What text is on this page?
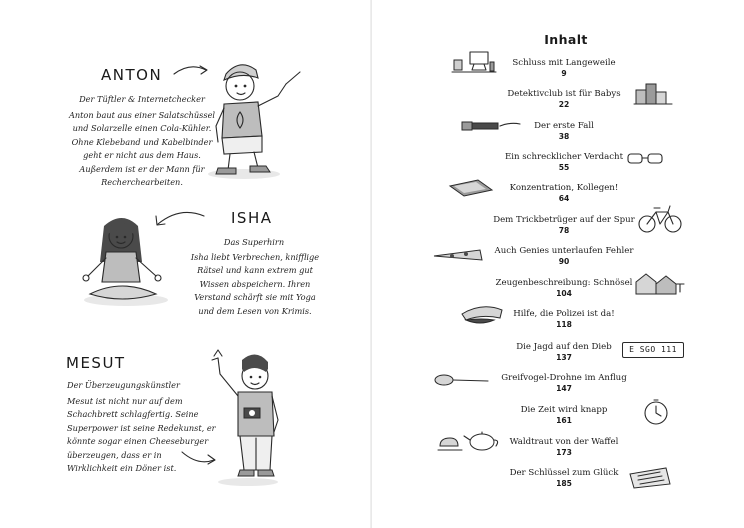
ANTON
Der Tüftler & Internetchecker
Anton baut aus einer Salatschüssel
und Solarzelle einen Cola-Kühler.
Ohne Klebeband und Kabelbinder
geht er nicht aus dem Haus.
Außerdem ist er der Mann für
Recherchearbeiten.
ISHA
Das Superhirn
Isha liebt Verbrechen, knifflige
Rätsel und kann extrem gut
Wissen abspeichern. Ihren
Verstand schärft sie mit Yoga
und dem Lesen von Krimis.
MESUT
Der Überzeugungskünstler
Mesut ist nicht nur auf dem
Schachbrett schlagfertig. Seine
Superpower ist seine Redekunst, er
könnte sogar einen Cheeseburger
überzeugen, dass er in
Wirklichkeit ein Döner ist.
Inhalt
Schluss mit Langeweile
9
Detektivclub ist für Babys
22
Der erste Fall
38
Ein schrecklicher Verdacht
55
Konzentration, Kollegen!
64
Dem Trickbetrüger auf der Spur
78
Auch Genies unterlaufen Fehler
90
Zeugenbeschreibung: Schnösel
104
Hilfe, die Polizei ist da!
118
Die Jagd auf den Dieb
137
Greifvogel-Drohne im Anflug
147
Die Zeit wird knapp
161
Waldtraut von der Waffel
173
Der Schlüssel zum Glück
185
E SGO 111
